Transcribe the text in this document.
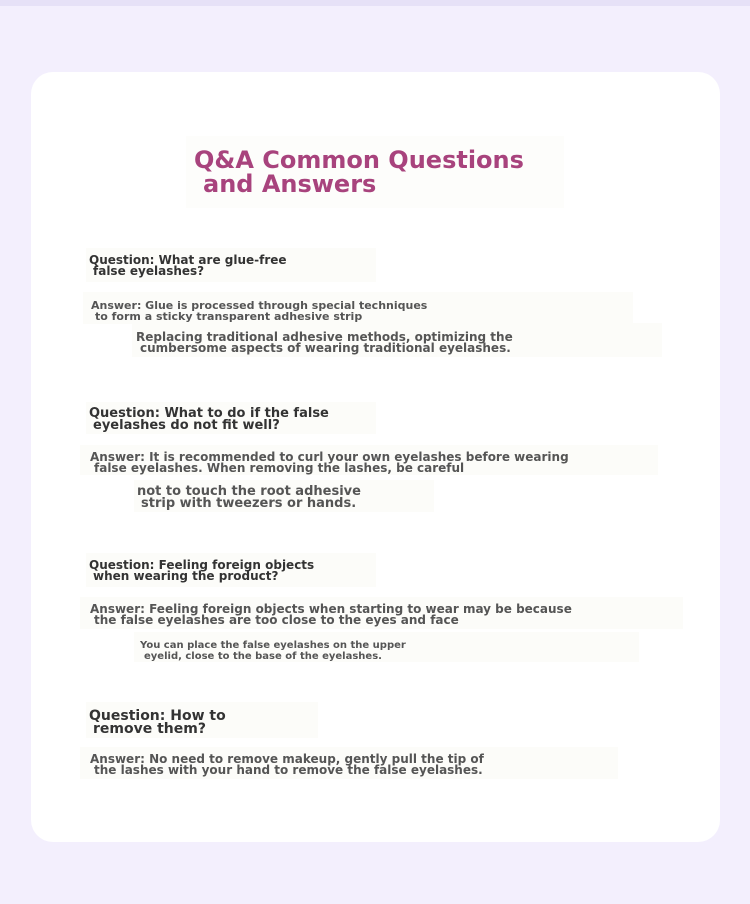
Q&A Common Questions
and Answers

Question: What are glue-free
false eyelashes?

Answer: Glue is processed through special techniques
to form a sticky transparent adhesive strip

Replacing traditional adhesive methods, optimizing the
cumbersome aspects of wearing traditional eyelashes.

Question: What to do if the false
eyelashes do not fit well?

Answer: It is recommended to curl your own eyelashes before wearing
false eyelashes. When removing the lashes, be careful

not to touch the root adhesive
strip with tweezers or hands.

Question: Feeling foreign objects
when wearing the product?

Answer: Feeling foreign objects when starting to wear may be because
the false eyelashes are too close to the eyes and face

You can place the false eyelashes on the upper
eyelid, close to the base of the eyelashes.

Question: How to
remove them?

Answer: No need to remove makeup, gently pull the tip of
the lashes with your hand to remove the false eyelashes.
